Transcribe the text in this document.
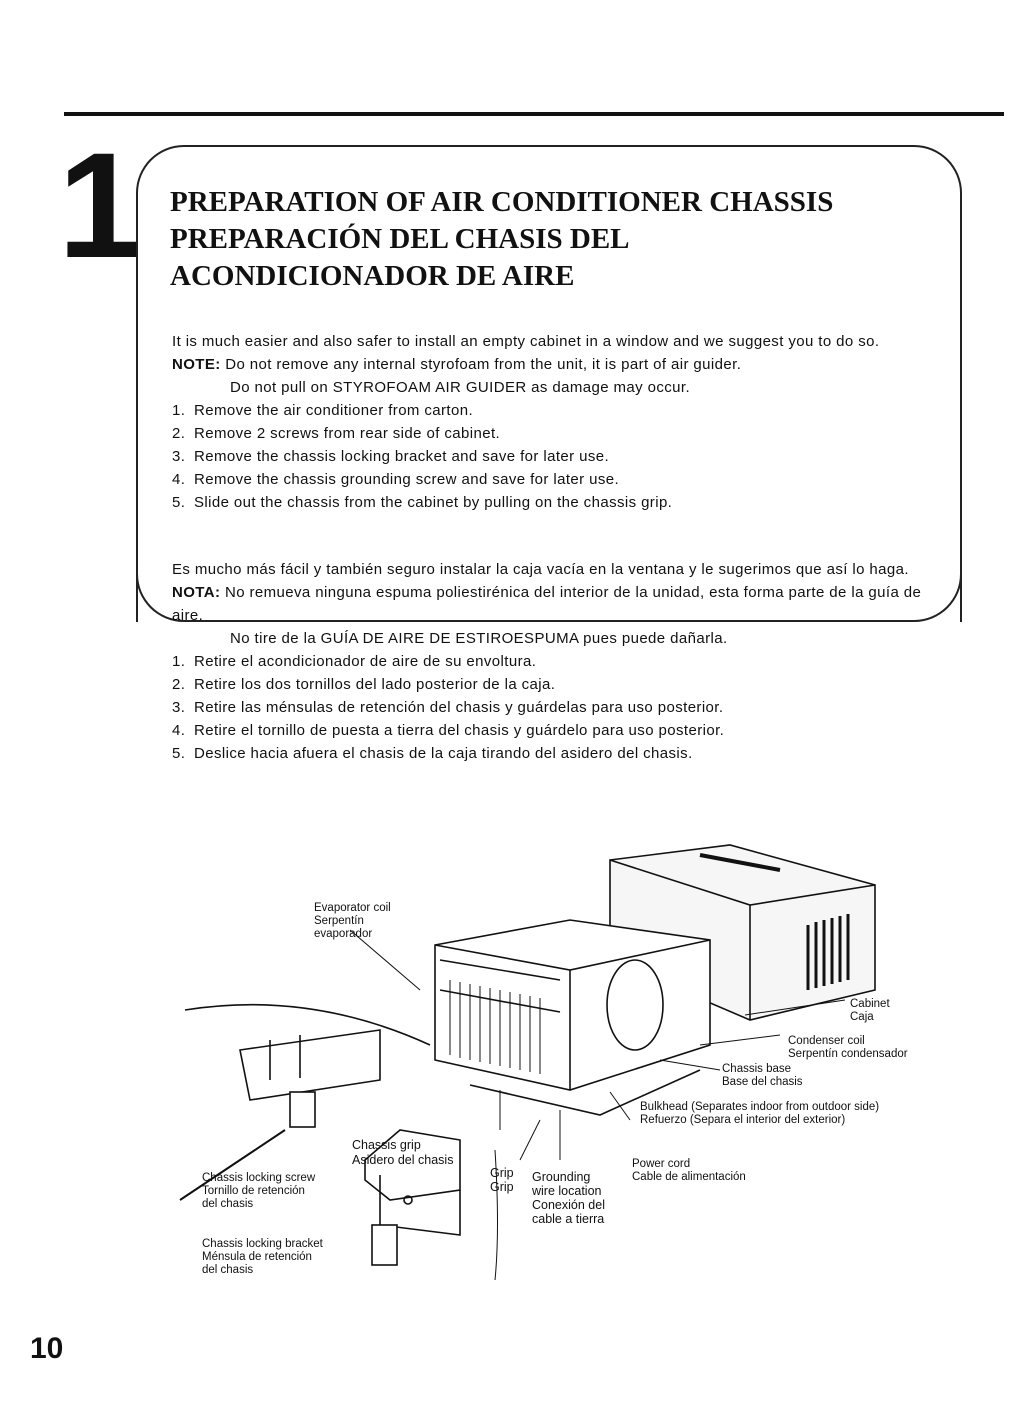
1 PREPARATION OF AIR CONDITIONER CHASSIS
PREPARACIÓN DEL CHASIS DEL
ACONDICIONADOR DE AIRE

It is much easier and also safer to install an empty cabinet in a window and we suggest you to do so.

NOTE: Do not remove any internal styrofoam from the unit, it is part of air guider.

Do not pull on STYROFOAM AIR GUIDER as damage may occur.

1. Remove the air conditioner from carton.
2. Remove 2 screws from rear side of cabinet.
3. Remove the chassis locking bracket and save for later use.
4. Remove the chassis grounding screw and save for later use.
5. Slide out the chassis from the cabinet by pulling on the chassis grip.

Es mucho más fácil y también seguro instalar la caja vacía en la ventana y le sugerimos que así lo haga.

NOTA: No remueva ninguna espuma poliestirénica del interior de la unidad, esta forma parte de la guía de aire.

No tire de la GUÍA DE AIRE DE ESTIROESPUMA pues puede dañarla.

1. Retire el acondicionador de aire de su envoltura.
2. Retire los dos tornillos del lado posterior de la caja.
3. Retire las ménsulas de retención del chasis y guárdelas para uso posterior.
4. Retire el tornillo de puesta a tierra del chasis y guárdelo para uso posterior.
5. Deslice hacia afuera el chasis de la caja tirando del asidero del chasis.
Evaporator coil
Serpentín
evaporador
Cabinet
Caja
Condenser coil
Serpentín condensador
Chassis base
Base del chasis
Bulkhead (Separates indoor from outdoor side)
Refuerzo (Separa el interior del exterior)
Chassis grip
Asidero del chasis
Grip
Grip
Grounding
wire location
Conexión del
cable a tierra
Power cord
Cable de alimentación
Chassis locking screw
Tornillo de retención
del chasis
Chassis locking bracket
Ménsula de retención
del chasis
10
